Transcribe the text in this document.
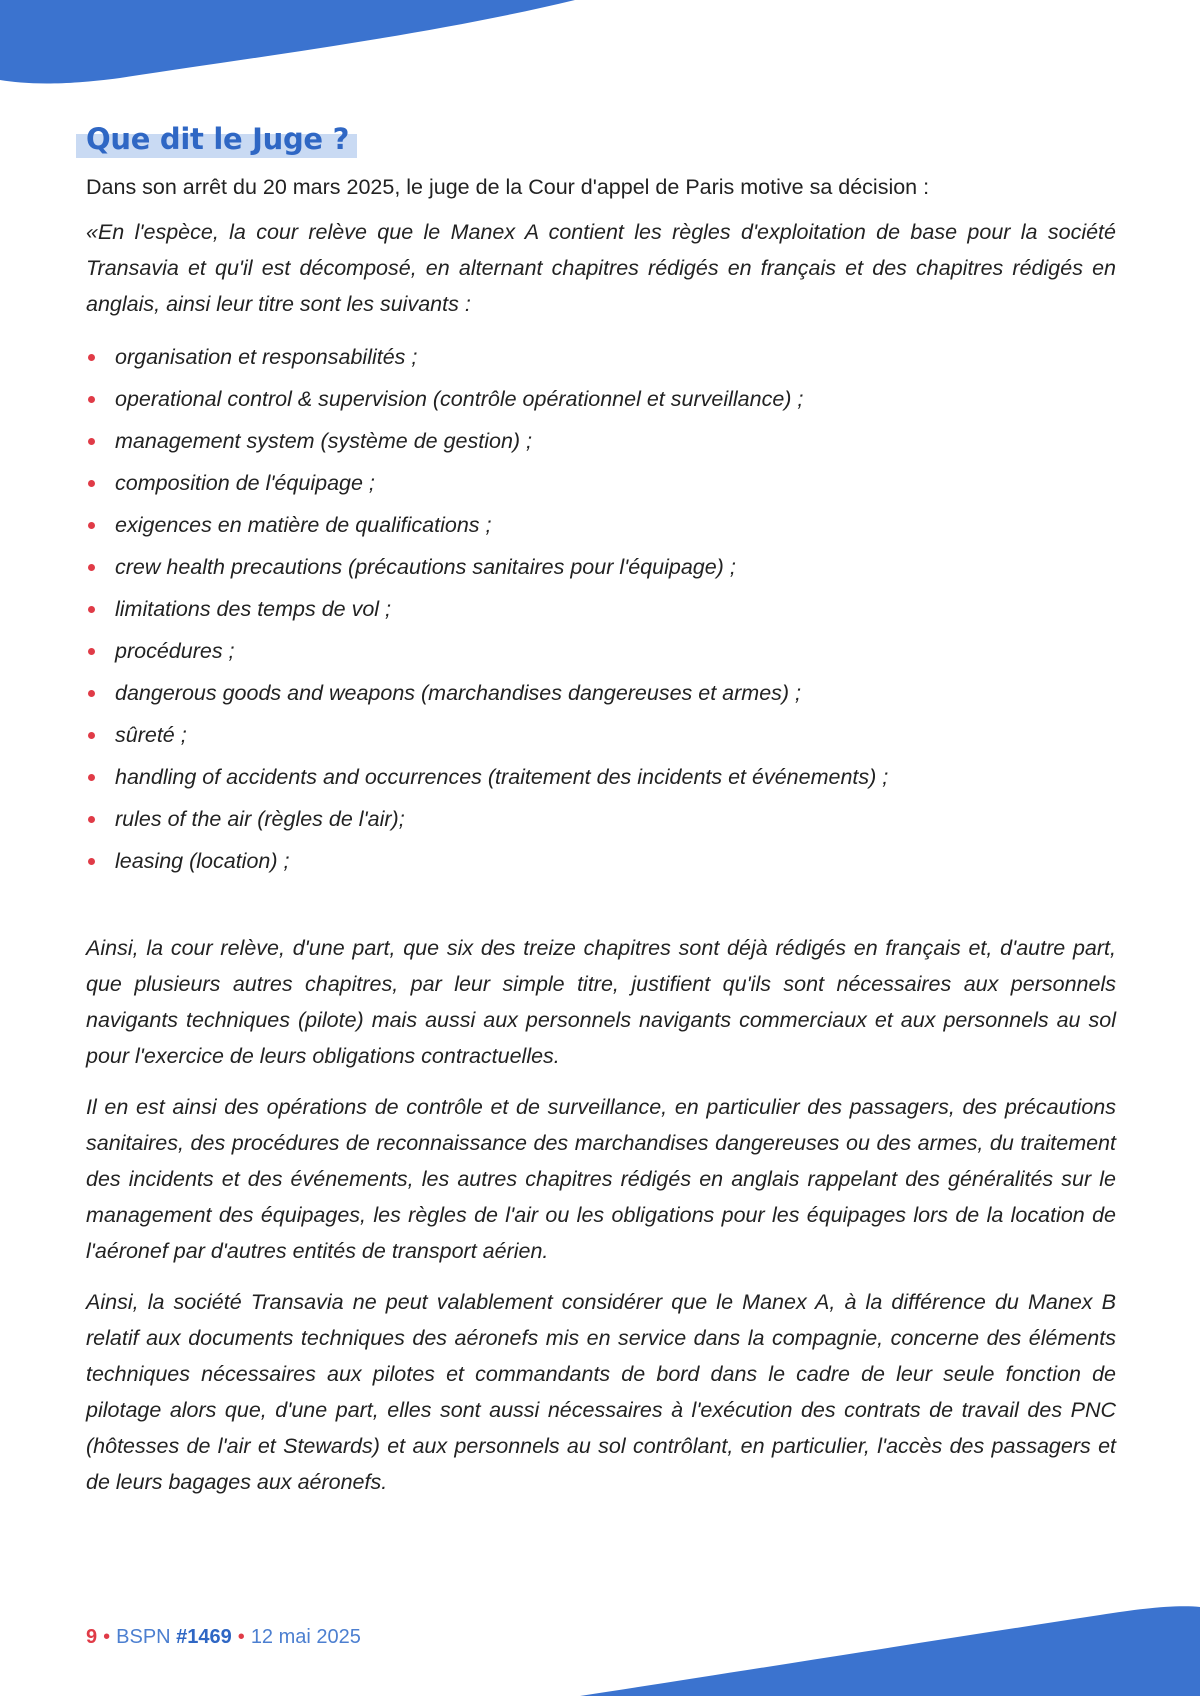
Que dit le Juge ?

Dans son arrêt du 20 mars 2025, le juge de la Cour d'appel de Paris motive sa décision :

«En l'espèce, la cour relève que le Manex A contient les règles d'exploitation de base pour la société Transavia et qu'il est décomposé, en alternant chapitres rédigés en français et des chapitres rédigés en anglais, ainsi leur titre sont les suivants :

organisation et responsabilités ;
operational control & supervision (contrôle opérationnel et surveillance) ;
management system (système de gestion) ;
composition de l'équipage ;
exigences en matière de qualifications ;
crew health precautions (précautions sanitaires pour l'équipage) ;
limitations des temps de vol ;
procédures ;
dangerous goods and weapons (marchandises dangereuses et armes) ;
sûreté ;
handling of accidents and occurrences (traitement des incidents et événements) ;
rules of the air (règles de l'air);
leasing (location) ;

Ainsi, la cour relève, d'une part, que six des treize chapitres sont déjà rédigés en français et, d'autre part, que plusieurs autres chapitres, par leur simple titre, justifient qu'ils sont nécessaires aux personnels navigants techniques (pilote) mais aussi aux personnels navigants commerciaux et aux personnels au sol pour l'exercice de leurs obligations contractuelles.

Il en est ainsi des opérations de contrôle et de surveillance, en particulier des passagers, des précautions sanitaires, des procédures de reconnaissance des marchandises dangereuses ou des armes, du traitement des incidents et des événements, les autres chapitres rédigés en anglais rappelant des généralités sur le management des équipages, les règles de l'air ou les obligations pour les équipages lors de la location de l'aéronef par d'autres entités de transport aérien.

Ainsi, la société Transavia ne peut valablement considérer que le Manex A, à la différence du Manex B relatif aux documents techniques des aéronefs mis en service dans la compagnie, concerne des éléments techniques nécessaires aux pilotes et commandants de bord dans le cadre de leur seule fonction de pilotage alors que, d'une part, elles sont aussi nécessaires à l'exécution des contrats de travail des PNC (hôtesses de l'air et Stewards) et aux personnels au sol contrôlant, en particulier, l'accès des passagers et de leurs bagages aux aéronefs.

9 • BSPN #1469 • 12 mai 2025
